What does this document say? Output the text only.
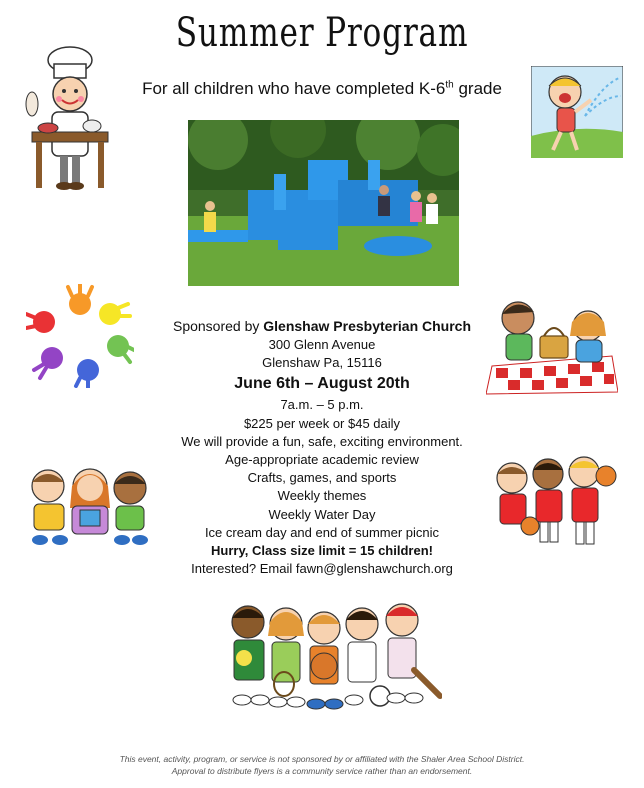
Summer Program
For all children who have completed K-6th grade
Sponsored by Glenshaw Presbyterian Church
300 Glenn Avenue
Glenshaw Pa, 15116
June 6th – August 20th
7a.m. – 5 p.m.
$225 per week or $45 daily
We will provide a fun, safe, exciting environment.
Age-appropriate academic review
Crafts, games, and sports
Weekly themes
Weekly Water Day
Ice cream day and end of summer picnic
Hurry, Class size limit = 15 children!
Interested? Email fawn@glenshawchurch.org
This event, activity, program, or service is not sponsored by or affiliated with the Shaler Area School District.
Approval to distribute flyers is a community service rather than an endorsement.
